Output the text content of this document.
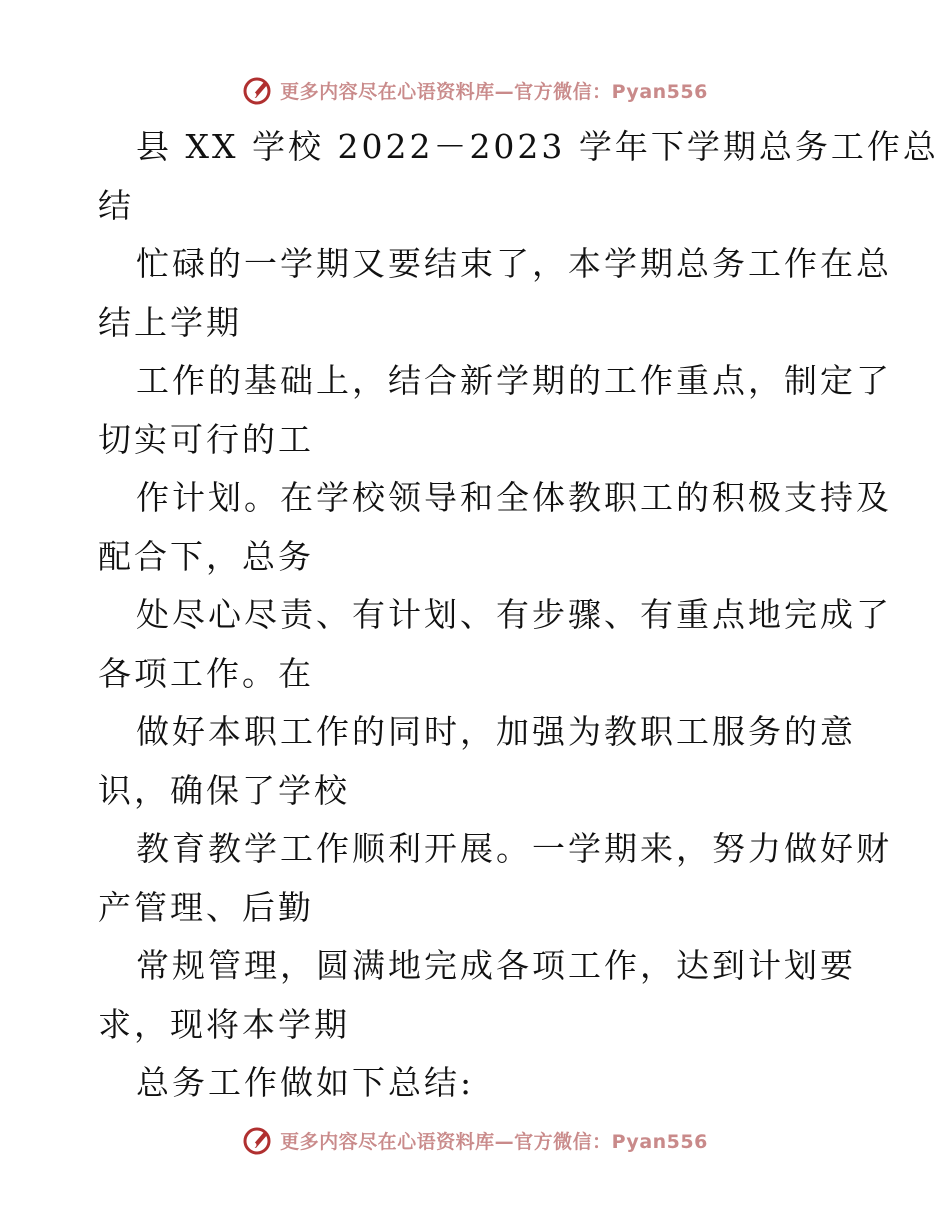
更多内容尽在心语资料库—官方微信：Pyan556
县 XX 学校 2022－2023 学年下学期总务工作总
结
忙碌的一学期又要结束了，本学期总务工作在总
结上学期
工作的基础上，结合新学期的工作重点，制定了
切实可行的工
作计划。在学校领导和全体教职工的积极支持及
配合下，总务
处尽心尽责、有计划、有步骤、有重点地完成了
各项工作。在
做好本职工作的同时，加强为教职工服务的意
识，确保了学校
教育教学工作顺利开展。一学期来，努力做好财
产管理、后勤
常规管理，圆满地完成各项工作，达到计划要
求，现将本学期
总务工作做如下总结:
更多内容尽在心语资料库—官方微信：Pyan556
